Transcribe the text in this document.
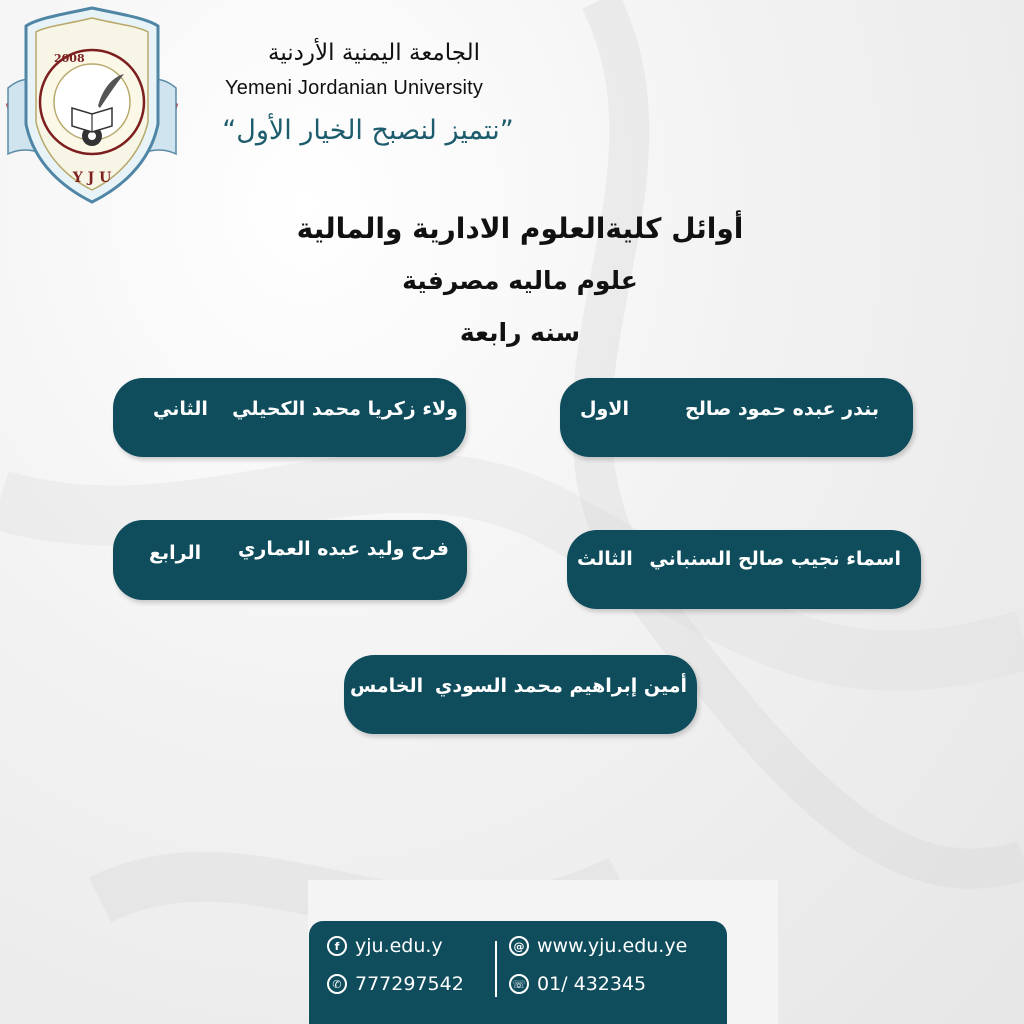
2008
Y J U
الجامعة اليمنية الأردنية
Yemeni Jordanian University
”نتميز لنصبح الخيار الأول“
أوائل كليةالعلوم الادارية والمالية
علوم ماليه مصرفية
سنه رابعة
بندر عبده حمود صالح
الاول
ولاء زكريا محمد الكحيلي
الثاني
اسماء نجيب صالح السنباني
الثالث
فرح وليد عبده العماري
الرابع
أمين إبراهيم محمد السودي
الخامس
f yju.edu.y
✆ 777297542
@ www.yju.edu.ye
☏ 01/ 432345
